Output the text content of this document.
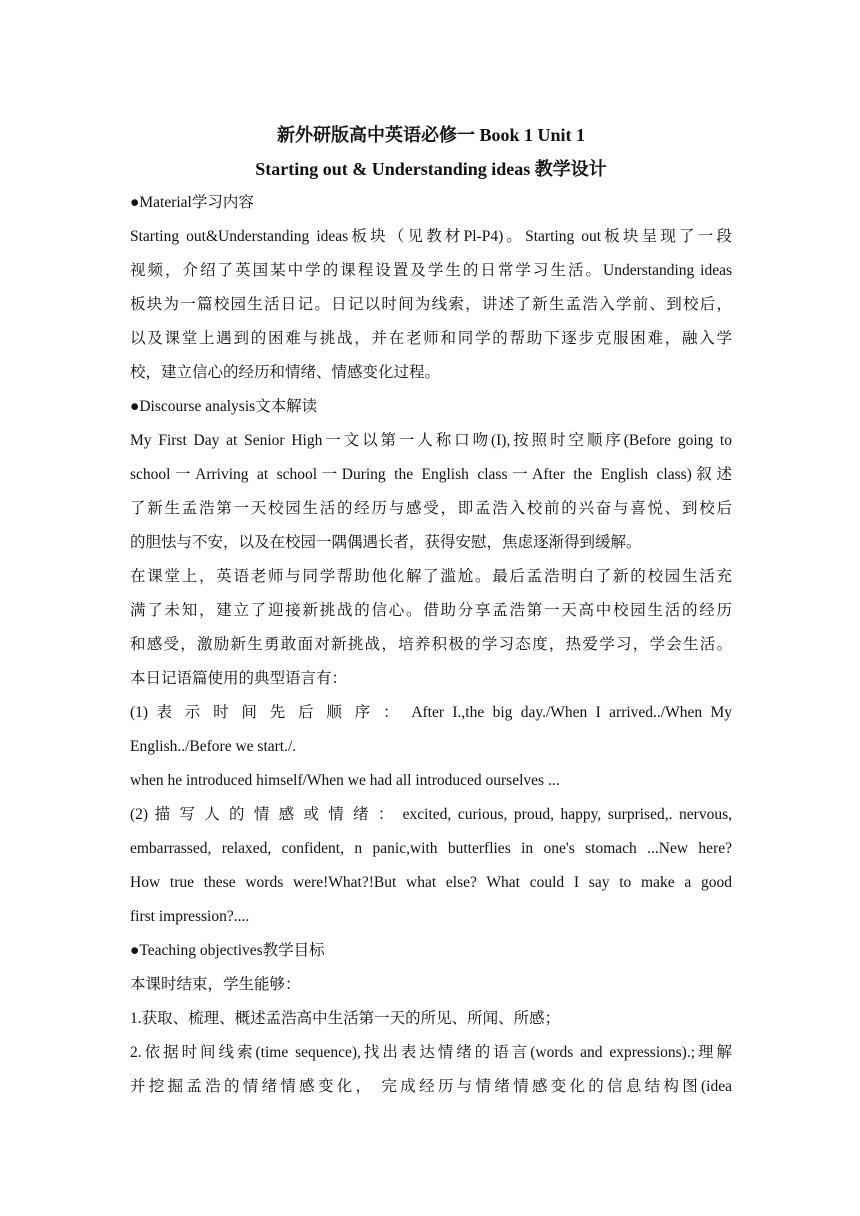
新外研版高中英语必修一 Book 1 Unit 1

Starting out & Understanding ideas 教学设计

●Material学习内容

Starting out&Understanding ideas板块（见教材Pl-P4)。Starting out板块呈现了一段

视频，介绍了英国某中学的课程设置及学生的日常学习生活。Understanding ideas

板块为一篇校园生活日记。日记以时间为线索，讲述了新生孟浩入学前、到校后，

以及课堂上遇到的困难与挑战，并在老师和同学的帮助下逐步克服困难，融入学

校，建立信心的经历和情绪、情感变化过程。

●Discourse analysis文本解读

My First Day at Senior High一文以第一人称口吻(I),按照时空顺序(Before going to

school一Arriving at school一During the English class一After the English class)叙述

了新生孟浩第一天校园生活的经历与感受，即孟浩入校前的兴奋与喜悦、到校后

的胆怯与不安，以及在校园一隅偶遇长者，获得安慰，焦虑逐渐得到缓解。

在课堂上，英语老师与同学帮助他化解了滥尬。最后孟浩明白了新的校园生活充

满了未知，建立了迎接新挑战的信心。借助分享孟浩第一天高中校园生活的经历

和感受，激励新生勇敢面对新挑战，培养积极的学习态度，热爱学习，学会生活。

本日记语篇使用的典型语言有：

(1) 表 示 时 间 先 后 顺 序 ： After I.,the big day./When I arrived../When My

English../Before we start./.

when he introduced himself/When we had all introduced ourselves ...

(2) 描 写 人 的 情 感 或 情 绪 ： excited, curious, proud, happy, surprised,. nervous,

embarrassed, relaxed, confident, n panic,with butterflies in one's stomach ...New here?

How true these words were!What?!But what else? What could I say to make a good

first impression?....

●Teaching objectives教学目标

本课时结束，学生能够：

1.获取、梳理、概述孟浩高中生活第一天的所见、所闻、所感；

2.依据时间线索(time sequence),找出表达情绪的语言(words and expressions).;理解

并挖掘孟浩的情绪情感变化， 完成经历与情绪情感变化的信息结构图(idea
